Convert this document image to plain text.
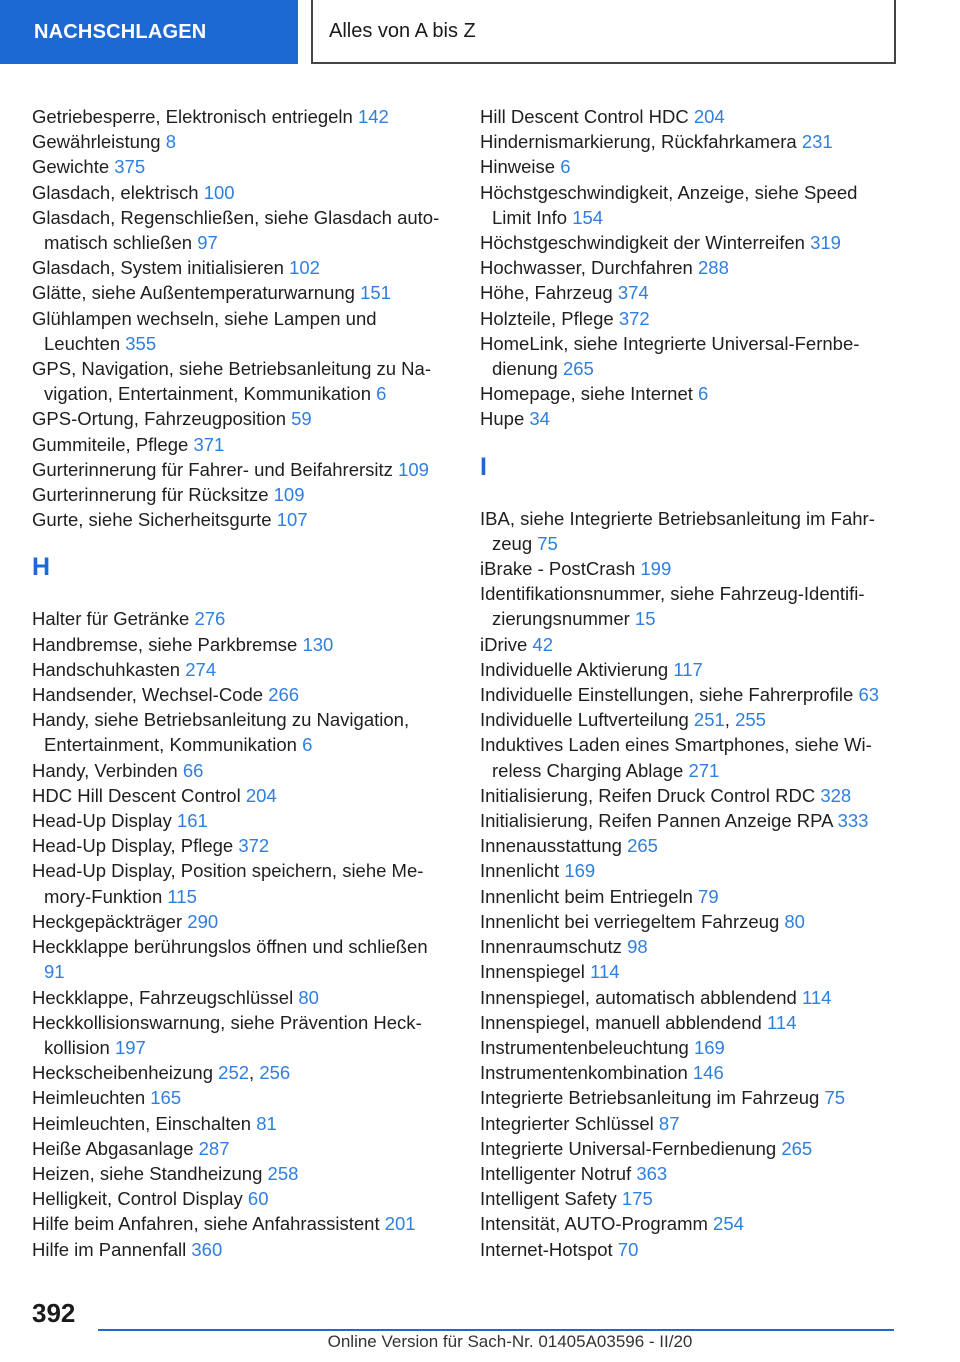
NACHSCHLAGEN	Alles von A bis Z
Getriebesperre, Elektronisch entriegeln 142
Gewährleistung 8
Gewichte 375
Glasdach, elektrisch 100
Glasdach, Regenschließen, siehe Glasdach automatisch schließen 97
Glasdach, System initialisieren 102
Glätte, siehe Außentemperaturwarnung 151
Glühlampen wechseln, siehe Lampen und Leuchten 355
GPS, Navigation, siehe Betriebsanleitung zu Navigation, Entertainment, Kommunikation 6
GPS-Ortung, Fahrzeugposition 59
Gummiteile, Pflege 371
Gurterinnerung für Fahrer- und Beifahrersitz 109
Gurterinnerung für Rücksitze 109
Gurte, siehe Sicherheitsgurte 107
H
Halter für Getränke 276
Handbremse, siehe Parkbremse 130
Handschuhkasten 274
Handsender, Wechsel-Code 266
Handy, siehe Betriebsanleitung zu Navigation, Entertainment, Kommunikation 6
Handy, Verbinden 66
HDC Hill Descent Control 204
Head-Up Display 161
Head-Up Display, Pflege 372
Head-Up Display, Position speichern, siehe Memory-Funktion 115
Heckgepäckträger 290
Heckklappe berührungslos öffnen und schließen 91
Heckklappe, Fahrzeugschlüssel 80
Heckkollisionswarnung, siehe Prävention Heckkollision 197
Heckscheibenheizung 252, 256
Heimleuchten 165
Heimleuchten, Einschalten 81
Heiße Abgasanlage 287
Heizen, siehe Standheizung 258
Helligkeit, Control Display 60
Hilfe beim Anfahren, siehe Anfahrassistent 201
Hilfe im Pannenfall 360
Hill Descent Control HDC 204
Hindernismarkierung, Rückfahrkamera 231
Hinweise 6
Höchstgeschwindigkeit, Anzeige, siehe Speed Limit Info 154
Höchstgeschwindigkeit der Winterreifen 319
Hochwasser, Durchfahren 288
Höhe, Fahrzeug 374
Holzteile, Pflege 372
HomeLink, siehe Integrierte Universal-Fernbedienung 265
Homepage, siehe Internet 6
Hupe 34
I
IBA, siehe Integrierte Betriebsanleitung im Fahrzeug 75
iBrake - PostCrash 199
Identifikationsnummer, siehe Fahrzeug-Identifizierungsnummer 15
iDrive 42
Individuelle Aktivierung 117
Individuelle Einstellungen, siehe Fahrerprofile 63
Individuelle Luftverteilung 251, 255
Induktives Laden eines Smartphones, siehe Wireless Charging Ablage 271
Initialisierung, Reifen Druck Control RDC 328
Initialisierung, Reifen Pannen Anzeige RPA 333
Innenausstattung 265
Innenlicht 169
Innenlicht beim Entriegeln 79
Innenlicht bei verriegeltem Fahrzeug 80
Innenraumschutz 98
Innenspiegel 114
Innenspiegel, automatisch abblendend 114
Innenspiegel, manuell abblendend 114
Instrumentenbeleuchtung 169
Instrumentenkombination 146
Integrierte Betriebsanleitung im Fahrzeug 75
Integrierter Schlüssel 87
Integrierte Universal-Fernbedienung 265
Intelligenter Notruf 363
Intelligent Safety 175
Intensität, AUTO-Programm 254
Internet-Hotspot 70
392
Online Version für Sach-Nr. 01405A03596 - II/20
